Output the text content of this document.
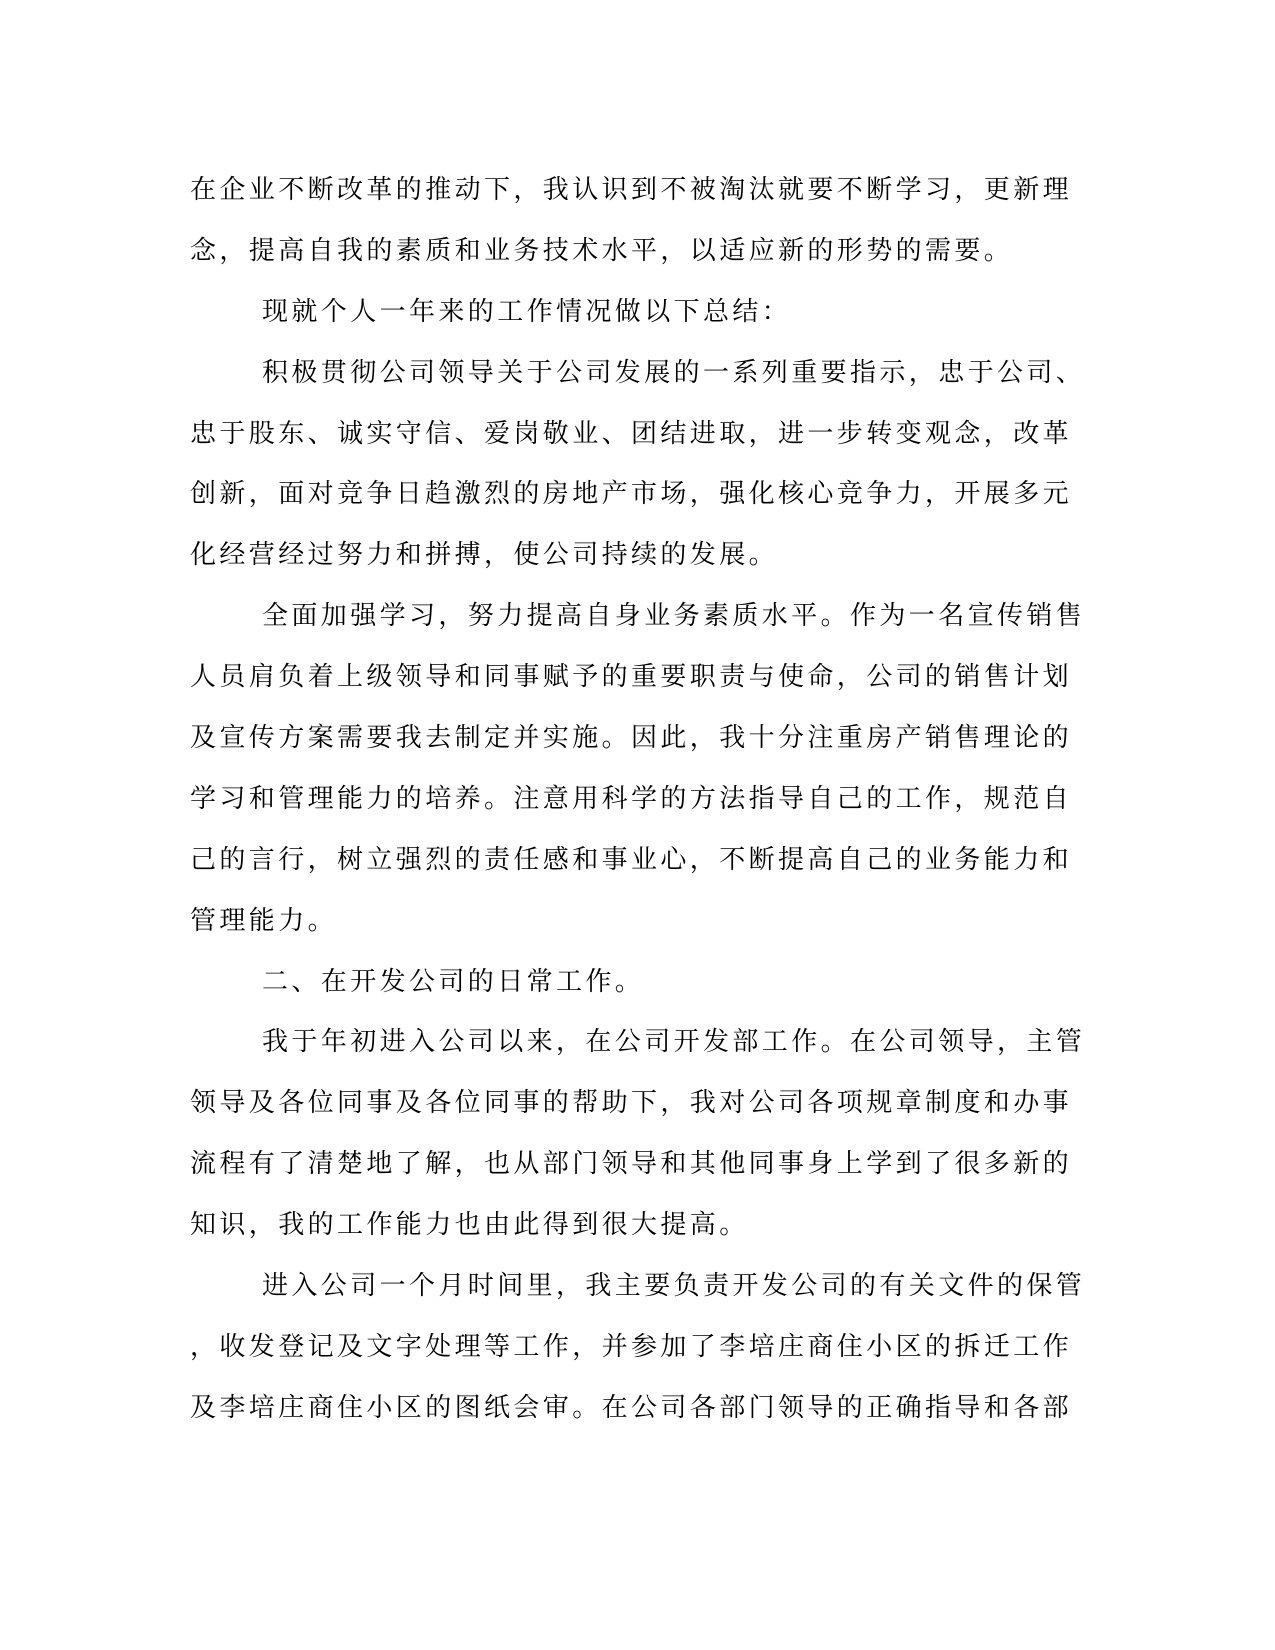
在企业不断改革的推动下，我认识到不被淘汰就要不断学习，更新理
念，提高自我的素质和业务技术水平，以适应新的形势的需要。
现就个人一年来的工作情况做以下总结：
积极贯彻公司领导关于公司发展的一系列重要指示，忠于公司、
忠于股东、诚实守信、爱岗敬业、团结进取，进一步转变观念，改革
创新，面对竞争日趋激烈的房地产市场，强化核心竞争力，开展多元
化经营经过努力和拼搏，使公司持续的发展。
全面加强学习，努力提高自身业务素质水平。作为一名宣传销售
人员肩负着上级领导和同事赋予的重要职责与使命，公司的销售计划
及宣传方案需要我去制定并实施。因此，我十分注重房产销售理论的
学习和管理能力的培养。注意用科学的方法指导自己的工作，规范自
己的言行，树立强烈的责任感和事业心，不断提高自己的业务能力和
管理能力。
二、在开发公司的日常工作。
我于年初进入公司以来，在公司开发部工作。在公司领导，主管
领导及各位同事及各位同事的帮助下，我对公司各项规章制度和办事
流程有了清楚地了解，也从部门领导和其他同事身上学到了很多新的
知识，我的工作能力也由此得到很大提高。
进入公司一个月时间里，我主要负责开发公司的有关文件的保管
，收发登记及文字处理等工作，并参加了李培庄商住小区的拆迁工作
及李培庄商住小区的图纸会审。在公司各部门领导的正确指导和各部
